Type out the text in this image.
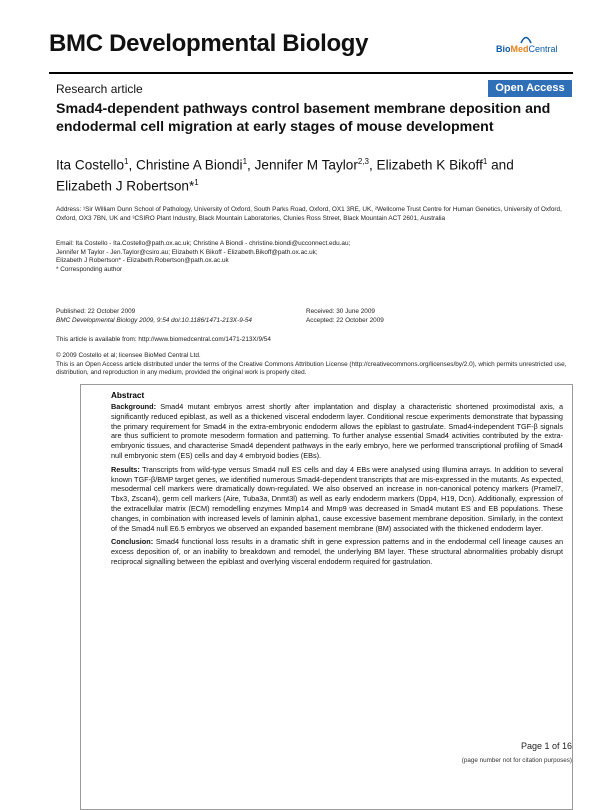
BMC Developmental Biology	BioMedCentral
Research article	Open Access
Smad4-dependent pathways control basement membrane deposition and endodermal cell migration at early stages of mouse development
Ita Costello$^1$, Christine A Biondi$^1$, Jennifer M Taylor$^{2,3}$, Elizabeth K Bikoff$^1$ and Elizabeth J Robertson*$^1$
Address: ¹Sir William Dunn School of Pathology, University of Oxford, South Parks Road, Oxford, OX1 3RE, UK, ²Wellcome Trust Centre for Human Genetics, University of Oxford, Oxford, OX3 7BN, UK and ³CSIRO Plant Industry, Black Mountain Laboratories, Clunies Ross Street, Black Mountain ACT 2601, Australia
Email: Ita Costello - Ita.Costello@path.ox.ac.uk; Christine A Biondi - christine.biondi@ucconnect.edu.au;
Jennifer M Taylor - Jen.Taylor@csiro.au; Elizabeth K Bikoff - Elizabeth.Bikoff@path.ox.ac.uk;
Elizabeth J Robertson* - Elizabeth.Robertson@path.ox.ac.uk
* Corresponding author
Published: 22 October 2009
BMC Developmental Biology 2009, 9:54 doi:10.1186/1471-213X-9-54
Received: 30 June 2009
Accepted: 22 October 2009
This article is available from: http://www.biomedcentral.com/1471-213X/9/54
© 2009 Costello et al; licensee BioMed Central Ltd.
This is an Open Access article distributed under the terms of the Creative Commons Attribution License (http://creativecommons.org/licenses/by/2.0), which permits unrestricted use, distribution, and reproduction in any medium, provided the original work is properly cited.
Abstract
Background: Smad4 mutant embryos arrest shortly after implantation and display a characteristic shortened proximodistal axis, a significantly reduced epiblast, as well as a thickened visceral endoderm layer. Conditional rescue experiments demonstrate that bypassing the primary requirement for Smad4 in the extra-embryonic endoderm allows the epiblast to gastrulate. Smad4-independent TGF-β signals are thus sufficient to promote mesoderm formation and patterning. To further analyse essential Smad4 activities contributed by the extra-embryonic tissues, and characterise Smad4 dependent pathways in the early embryo, here we performed transcriptional profiling of Smad4 null embryonic stem (ES) cells and day 4 embryoid bodies (EBs).
Results: Transcripts from wild-type versus Smad4 null ES cells and day 4 EBs were analysed using Illumina arrays. In addition to several known TGF-β/BMP target genes, we identified numerous Smad4-dependent transcripts that are mis-expressed in the mutants. As expected, mesodermal cell markers were dramatically down-regulated. We also observed an increase in non-canonical potency markers (Pramel7, Tbx3, Zscan4), germ cell markers (Aire, Tuba3a, Dnmt3l) as well as early endoderm markers (Dpp4, H19, Dcn). Additionally, expression of the extracellular matrix (ECM) remodelling enzymes Mmp14 and Mmp9 was decreased in Smad4 mutant ES and EB populations. These changes, in combination with increased levels of laminin alpha1, cause excessive basement membrane deposition. Similarly, in the context of the Smad4 null E6.5 embryos we observed an expanded basement membrane (BM) associated with the thickened endoderm layer.
Conclusion: Smad4 functional loss results in a dramatic shift in gene expression patterns and in the endodermal cell lineage causes an excess deposition of, or an inability to breakdown and remodel, the underlying BM layer. These structural abnormalities probably disrupt reciprocal signalling between the epiblast and overlying visceral endoderm required for gastrulation.
Page 1 of 16
(page number not for citation purposes)
